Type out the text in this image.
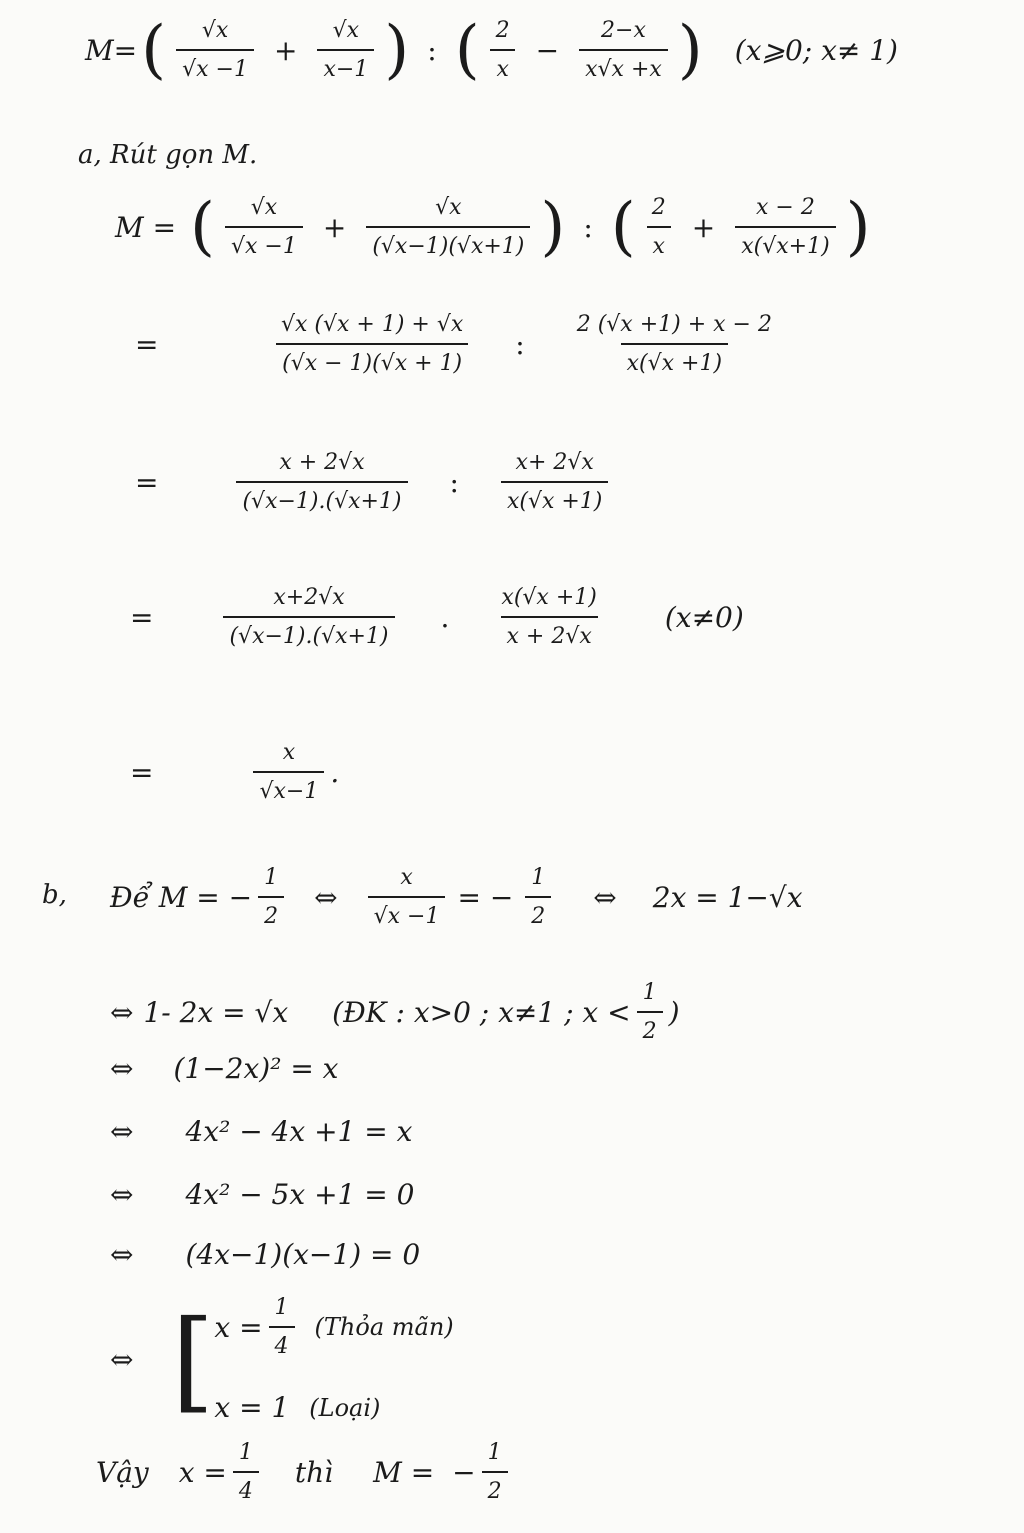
M= ( $\frac{√x}{√x -1} + \frac{√x}{x-1}$ ) : ( $\frac{2}{x} - \frac{2-x}{x√x +x}$ ) (x⩾0; x≠ 1)
a, Rút gọn M.
M = ( $\frac{√x}{√x -1} + \frac{√x}{(√x-1)(√x+1)}$ ) : ( $\frac{2}{x} + \frac{x - 2}{x(√x+1)}$ )
=	$\frac{√x (√x + 1) + √x}{(√x - 1)(√x + 1)}$ : $\frac{2 (√x +1) + x - 2}{x(√x +1)}$
=	$\frac{x + 2√x}{(√x-1).(√x+1)}$ : $\frac{x+ 2√x}{x(√x +1)}$
=	$\frac{x+2√x}{(√x-1).(√x+1)}$ . $\frac{x(√x +1)}{x + 2√x} (x\ne 0)$
=	$\frac{x}{√x-1}$ .
b, Để M = − $\frac{1}{2}$ ⇔ $\frac{x}{√x -1}$ = − $\frac{1}{2}$ ⇔ 2x = 1−√x
⇔ 1- 2x = √x (ĐK : x>0 ; x≠1 ; $x < \frac{1}{2}$ )
⇔ (1−2x)² = x
⇔ 4x² − 4x +1 = x
⇔ 4x² − 5x +1 = 0
⇔ (4x−1)(x−1) = 0
⇔ [ $x = \frac{1}{4}$ (Thỏa mãn)
x = 1 (Loại)
Vậy $x = \frac{1}{4}$ thì M = − $\frac{1}{2}$
